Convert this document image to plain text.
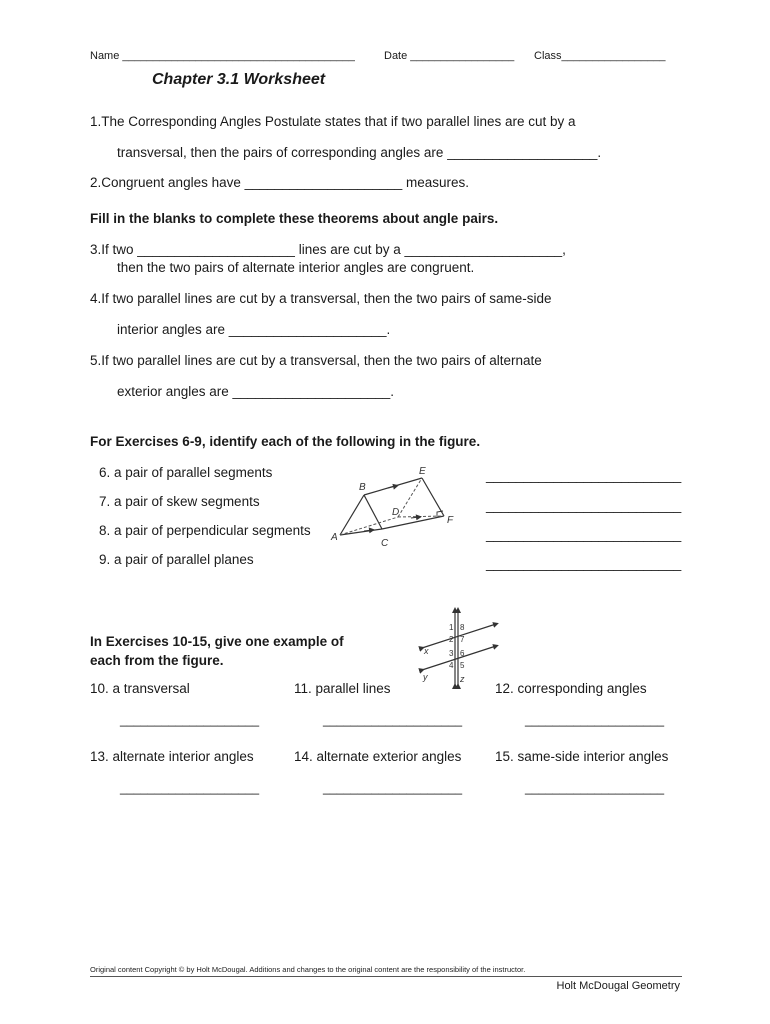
Name ______________________________________	Date _________________ Class_________________
Chapter 3.1 Worksheet
1.The Corresponding Angles Postulate states that if two parallel lines are cut by a
transversal, then the pairs of corresponding angles are ____________________.
2.Congruent angles have _____________________ measures.
Fill in the blanks to complete these theorems about angle pairs.
3.If two _____________________ lines are cut by a _____________________,
then the two pairs of alternate interior angles are congruent.
4.If two parallel lines are cut by a transversal, then the two pairs of same-side
interior angles are _____________________.
5.If two parallel lines are cut by a transversal, then the two pairs of alternate
exterior angles are _____________________.
For Exercises 6-9, identify each of the following in the figure.
6. a pair of parallel segments
7. a pair of skew segments
8. a pair of perpendicular segments
9. a pair of parallel planes
__________________________
__________________________
__________________________
__________________________
A
B
C
D
E
F
In Exercises 10-15, give one example of
each from the figure.
1 8
2 7
3 6
4 5
x
y	z
10. a transversal	11. parallel lines	12. corresponding angles
____________________	____________________	____________________
13. alternate interior angles	14. alternate exterior angles 15. same-side interior angles
____________________	____________________	____________________
Original content Copyright © by Holt McDougal. Additions and changes to the original content are the responsibility of the instructor.
Holt McDougal Geometry
